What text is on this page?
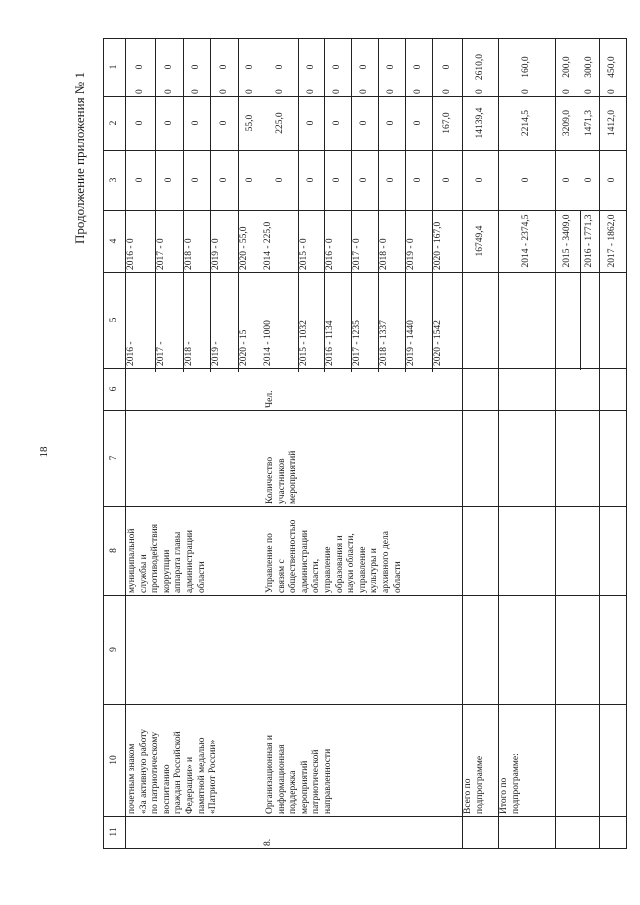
18
Продолжение приложения № 1
1
2
3
4
5
6
7
8
9
10
11
почетным знаком
«За активную работу
по патриотическому
воспитанию
граждан Российской
Федерации» и
памятной медалью
«Патриот России»
муниципальной
службы и
противодействия
коррупции
аппарата главы
администрации
области
2016 -
2016 - 0
0
0
0
0
2017 -
2017 - 0
0
0
0
0
2018 -
2018 - 0
0
0
0
0
2019 -
2019 - 0
0
0
0
0
2020 - 15
2020 - 55,0
0
55,0
0
0
8.
Организационная и
информационная
поддержка
мероприятий
патриотической
направленности
Управление по
связям с
общественностью
администрации
области,
управление
образования и
науки области,
управление
культуры и
архивного дела
области
Количество
участников
мероприятий
Чел.
2014 - 1000
2014 - 225,0
0
225,0
0
0
2015 - 1032
2015 - 0
0
0
0
0
2016 - 1134
2016 - 0
0
0
0
0
2017 - 1235
2017 - 0
0
0
0
0
2018 - 1337
2018 - 0
0
0
0
0
2019 - 1440
2019 - 0
0
0
0
0
2020 - 1542
2020 - 167,0
0
167,0
0
0
Всего по
подпрограмме
16749,4
0
14139,4
0
2610,0
Итого по
подпрограмме:
2014 - 2374,5
0
2214,5
0
160,0
2015 - 3409,0
0
3209,0
0
200,0
2016 - 1771,3
0
1471,3
0
300,0
2017 - 1862,0
0
1412,0
0
450,0
